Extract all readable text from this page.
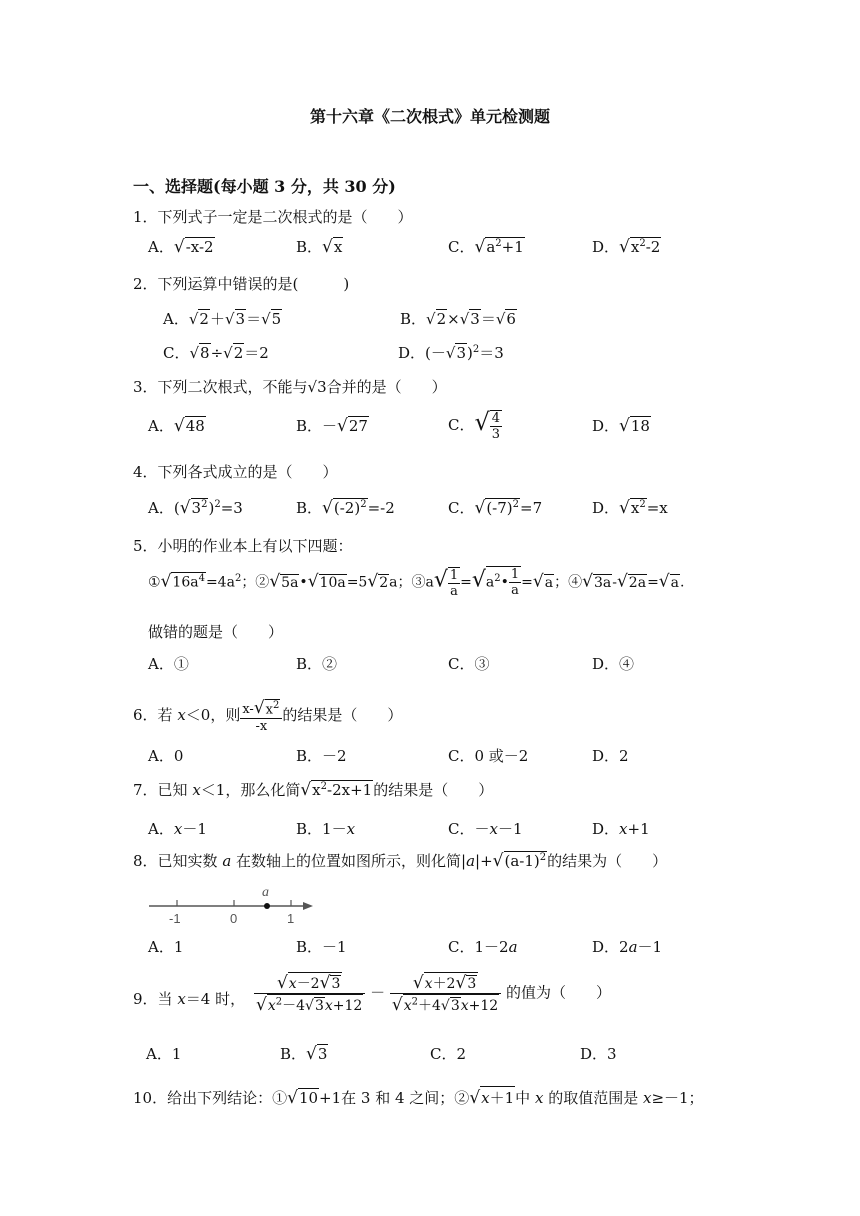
第十六章《二次根式》单元检测题
一、选择题(每小题 3 分，共 30 分)
1．下列式子一定是二次根式的是（　　）
A．√-x-2	B．√x	C．$√a^2+1$	D．$√x^2-2$
2．下列运算中错误的是(　　　)
A．√2＋√3＝√5	B．√2×√3＝√6
C．√8÷√2＝2	D．$(-√3)^2=3$
3．下列二次根式，不能与√3合并的是（　　）
A．√48	B．－√27	C．√ $\frac{4}{3}$	D．√18
4．下列各式成立的是（　　）
A．$(√3^2)^2=3$	B．$√(-2)^2=-2$	C．$√(-7)^2=7$	D．$√x^2=x$
5．小明的作业本上有以下四题：
$①√16a^4=4a^2$；②√5a•√10a=5√2a；③a√ $\frac{1}{a}$ $=√a^2• \frac{1}{a} =√a$；④√3a-√2a=√a.
做错的题是（　　）
A．①	B．②	C．③	D．④
6．若 x＜0，则 $\frac{x-√x^2}{-x}$ 的结果是（　　）
A．0	B．－2	C．0 或－2	D．2
7．已知 x＜1，那么化简$√x^2-2x+1$的结果是（　　）
A．x－1	B．1－x	C．－x－1	D．x+1
8．已知实数 a 在数轴上的位置如图所示，则化简$|a|+√(a-1)^2$的结果为（　　）
-1	0	1
a
A．1	B．－1	C．1－2a	D．2a－1
9．当 x＝4 时， $\frac{√x-2√3}{√x^2-4√3x+12} - \frac{√x+2√3}{√x^2+4√3x+12}$ 的值为（　　）
A．1	B．√3	C．2	D．3
10．给出下列结论：①√10+1在 3 和 4 之间；②√x＋1中 x 的取值范围是 x≥－1；
